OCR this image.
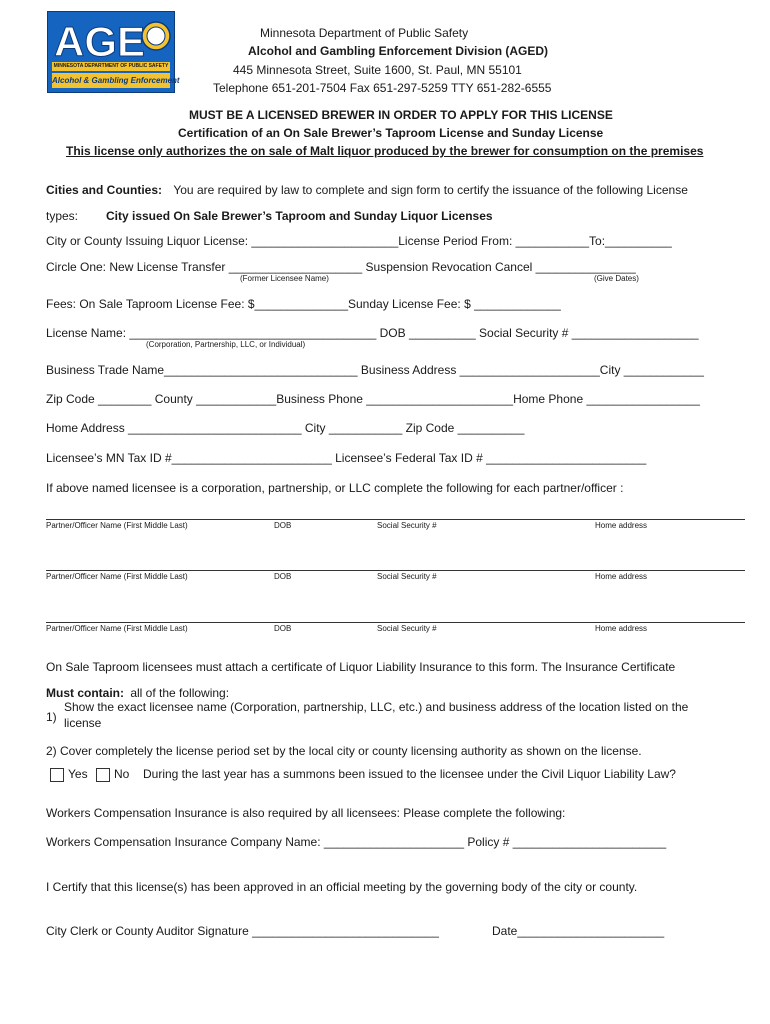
AGE
MINNESOTA DEPARTMENT OF PUBLIC SAFETY
Alcohol & Gambling Enforcement
Minnesota Department of Public Safety
Alcohol and Gambling Enforcement Division (AGED)
445 Minnesota Street, Suite 1600, St. Paul, MN 55101
Telephone 651-201-7504 Fax 651-297-5259 TTY 651-282-6555
MUST BE A LICENSED BREWER IN ORDER TO APPLY FOR THIS LICENSE
Certification of an On Sale Brewer’s Taproom License and Sunday License
This license only authorizes the on sale of Malt liquor produced by the brewer for consumption on the premises
Cities and Counties: You are required by law to complete and sign form to certify the issuance of the following License
types: City issued On Sale Brewer’s Taproom and Sunday Liquor Licenses
City or County Issuing Liquor License: ______________________License Period From: ___________To:__________
Circle One: New License Transfer ____________________ Suspension Revocation Cancel _______________
(Former Licensee Name)	(Give Dates)
Fees: On Sale Taproom License Fee: $______________Sunday License Fee: $ _____________
License Name: _____________________________________ DOB __________ Social Security # ___________________
(Corporation, Partnership, LLC, or Individual)
Business Trade Name_____________________________ Business Address _____________________City ____________
Zip Code ________ County ____________Business Phone ______________________Home Phone _________________
Home Address __________________________ City ___________ Zip Code __________
Licensee’s MN Tax ID #________________________ Licensee’s Federal Tax ID # ________________________
If above named licensee is a corporation, partnership, or LLC complete the following for each partner/officer :
Partner/Officer Name (First Middle Last)	DOB	Social Security #	Home address
Partner/Officer Name (First Middle Last)	DOB	Social Security #	Home address
Partner/Officer Name (First Middle Last)	DOB	Social Security #	Home address
On Sale Taproom licensees must attach a certificate of Liquor Liability Insurance to this form. The Insurance Certificate
Must contain: all of the following:
1)
Show the exact licensee name (Corporation, partnership, LLC, etc.) and business address of the location listed on the
license
2) Cover completely the license period set by the local city or county licensing authority as shown on the license.
Yes No During the last year has a summons been issued to the licensee under the Civil Liquor Liability Law?
Workers Compensation Insurance is also required by all licensees: Please complete the following:
Workers Compensation Insurance Company Name: _____________________ Policy # _______________________
I Certify that this license(s) has been approved in an official meeting by the governing body of the city or county.
City Clerk or County Auditor Signature ____________________________	Date______________________
